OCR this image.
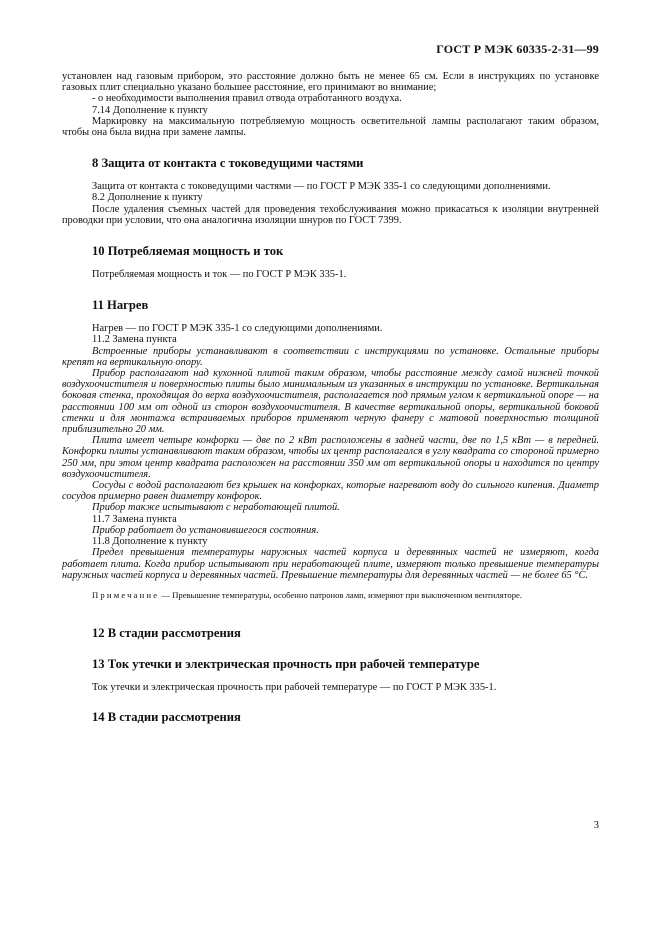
ГОСТ Р МЭК 60335-2-31—99

установлен над газовым прибором, это расстояние должно быть не менее 65 см. Если в инструкциях по установке газовых плит специально указано большее расстояние, его принимают во внимание;

- о необходимости выполнения правил отвода отработанного воздуха.

7.14 Дополнение к пункту

Маркировку на максимальную потребляемую мощность осветительной лампы располагают таким образом, чтобы она была видна при замене лампы.

8 Защита от контакта с токоведущими частями

Защита от контакта с токоведущими частями — по ГОСТ Р МЭК 335-1 со следующими дополнениями.

8.2 Дополнение к пункту

После удаления съемных частей для проведения техобслуживания можно прикасаться к изоляции внутренней проводки при условии, что она аналогична изоляции шнуров по ГОСТ 7399.

10 Потребляемая мощность и ток

Потребляемая мощность и ток — по ГОСТ Р МЭК 335-1.

11 Нагрев

Нагрев — по ГОСТ Р МЭК 335-1 со следующими дополнениями.

11.2 Замена пункта

Встроенные приборы устанавливают в соответствии с инструкциями по установке. Остальные приборы крепят на вертикальную опору.

Прибор располагают над кухонной плитой таким образом, чтобы расстояние между самой нижней точкой воздухоочистителя и поверхностью плиты было минимальным из указанных в инструкции по установке. Вертикальная боковая стенка, проходящая до верха воздухоочистителя, располагается под прямым углом к вертикальной опоре — на расстоянии 100 мм от одной из сторон воздухоочистителя. В качестве вертикальной опоры, вертикальной боковой стенки и для монтажа встраиваемых приборов применяют черную фанеру с матовой поверхностью толщиной приблизительно 20 мм.

Плита имеет четыре конфорки — две по 2 кВт расположены в задней части, две по 1,5 кВт — в передней. Конфорки плиты устанавливают таким образом, чтобы их центр располагался в углу квадрата со стороной примерно 250 мм, при этом центр квадрата расположен на расстоянии 350 мм от вертикальной опоры и находится по центру воздухоочистителя.

Сосуды с водой располагают без крышек на конфорках, которые нагревают воду до сильного кипения. Диаметр сосудов примерно равен диаметру конфорок.

Прибор также испытывают с неработающей плитой.

11.7 Замена пункта

Прибор работает до установившегося состояния.

11.8 Дополнение к пункту

Предел превышения температуры наружных частей корпуса и деревянных частей не измеряют, когда работает плита. Когда прибор испытывают при неработающей плите, измеряют только превышение температуры наружных частей корпуса и деревянных частей. Превышение температуры для деревянных частей — не более 65 °С.

Примечание — Превышение температуры, особенно патронов ламп, измеряют при выключенном вентиляторе.

12 В стадии рассмотрения
13 Ток утечки и электрическая прочность при рабочей температуре

Ток утечки и электрическая прочность при рабочей температуре — по ГОСТ Р МЭК 335-1.

14 В стадии рассмотрения
3
